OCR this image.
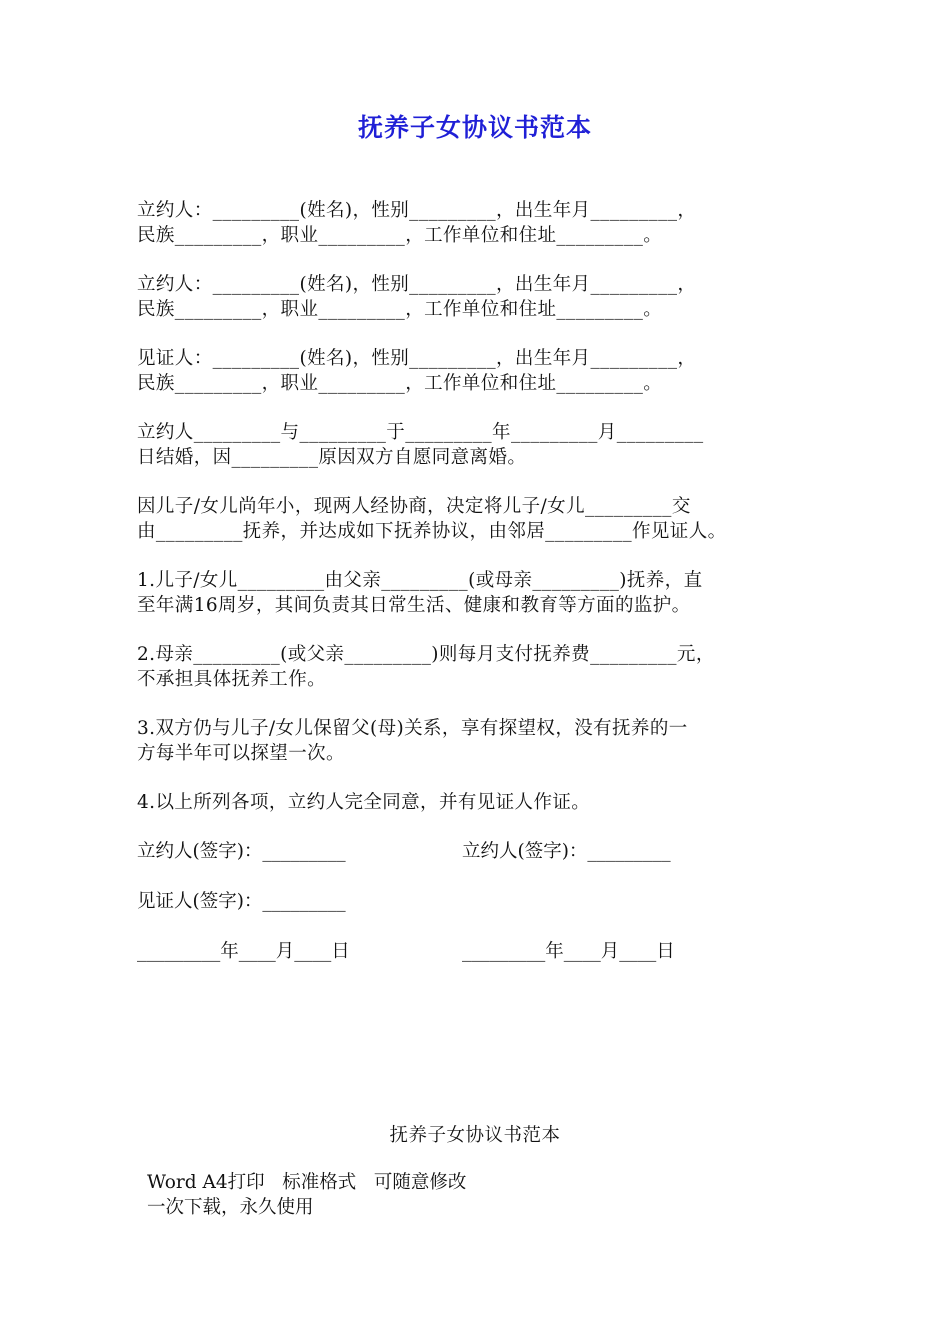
抚养子女协议书范本

立约人：_________(姓名)，性别_________，出生年月_________，
民族_________，职业_________，工作单位和住址_________。

立约人：_________(姓名)，性别_________，出生年月_________，
民族_________，职业_________，工作单位和住址_________。

见证人：_________(姓名)，性别_________，出生年月_________，
民族_________，职业_________，工作单位和住址_________。

立约人_________与_________于_________年_________月_________
日结婚，因_________原因双方自愿同意离婚。

因儿子/女儿尚年小，现两人经协商，决定将儿子/女儿_________交
由_________抚养，并达成如下抚养协议，由邻居_________作见证人。

1.儿子/女儿_________由父亲_________(或母亲_________)抚养，直
至年满16周岁，其间负责其日常生活、健康和教育等方面的监护。

2.母亲_________(或父亲_________)则每月支付抚养费_________元，
不承担具体抚养工作。

3.双方仍与儿子/女儿保留父(母)关系，享有探望权，没有抚养的一
方每半年可以探望一次。

4.以上所列各项，立约人完全同意，并有见证人作证。

立约人(签字)：_________	立约人(签字)：_________
见证人(签字)：_________
_________年____月____日	_________年____月____日
抚养子女协议书范本
Word A4打印   标准格式   可随意修改
一次下载，永久使用
